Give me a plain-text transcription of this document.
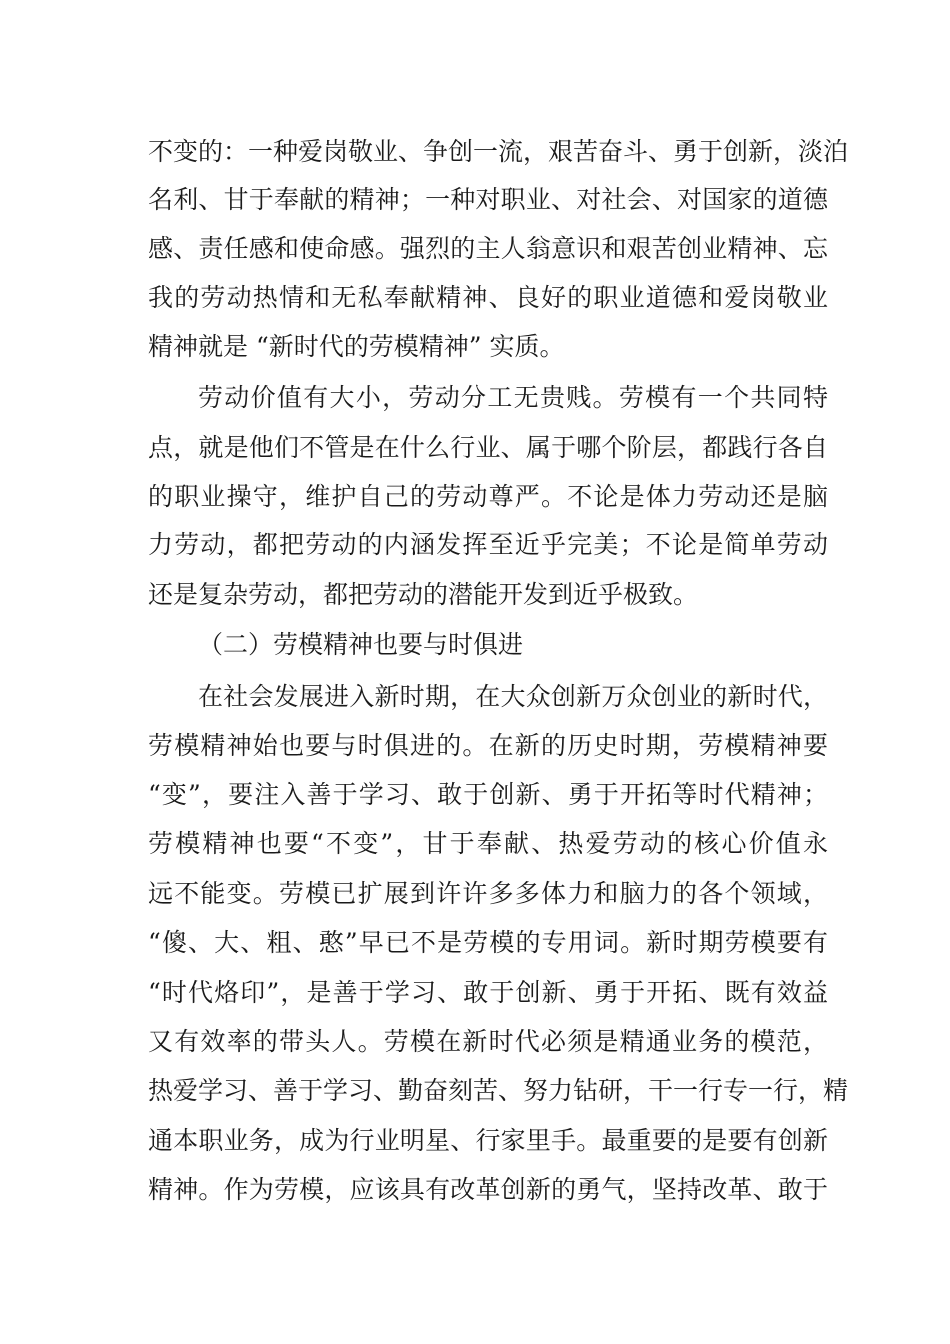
不变的：一种爱岗敬业、争创一流，艰苦奋斗、勇于创新，淡泊
名利、甘于奉献的精神；一种对职业、对社会、对国家的道德
感、责任感和使命感。强烈的主人翁意识和艰苦创业精神、忘
我的劳动热情和无私奉献精神、良好的职业道德和爱岗敬业
精神就是 “新时代的劳模精神” 实质。
劳动价值有大小，劳动分工无贵贱。劳模有一个共同特
点，就是他们不管是在什么行业、属于哪个阶层，都践行各自
的职业操守，维护自己的劳动尊严。不论是体力劳动还是脑
力劳动，都把劳动的内涵发挥至近乎完美；不论是简单劳动
还是复杂劳动，都把劳动的潜能开发到近乎极致。
（二）劳模精神也要与时俱进
在社会发展进入新时期，在大众创新万众创业的新时代，
劳模精神始也要与时俱进的。在新的历史时期，劳模精神要
“变”，要注入善于学习、敢于创新、勇于开拓等时代精神；
劳模精神也要“不变”，甘于奉献、热爱劳动的核心价值永
远不能变。劳模已扩展到许许多多体力和脑力的各个领域，
“傻、大、粗、憨”早已不是劳模的专用词。新时期劳模要有
“时代烙印”，是善于学习、敢于创新、勇于开拓、既有效益
又有效率的带头人。劳模在新时代必须是精通业务的模范，
热爱学习、善于学习、勤奋刻苦、努力钻研，干一行专一行，精
通本职业务，成为行业明星、行家里手。最重要的是要有创新
精神。作为劳模，应该具有改革创新的勇气，坚持改革、敢于
